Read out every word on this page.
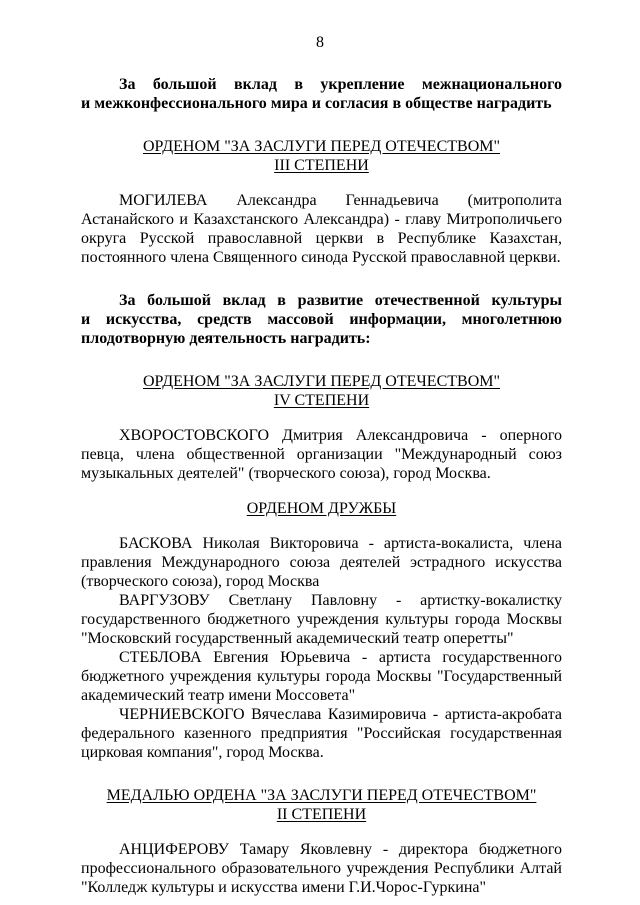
8

За большой вклад в укрепление межнационального

и межконфессионального мира и согласия в обществе наградить

ОРДЕНОМ "ЗА ЗАСЛУГИ ПЕРЕД ОТЕЧЕСТВОМ"

III СТЕПЕНИ

МОГИЛЕВА Александра Геннадьевича (митрополита

Астанайского и Казахстанского Александра) - главу Митрополичьего

округа Русской православной церкви в Республике Казахстан,

постоянного члена Священного синода Русской православной церкви.

За большой вклад в развитие отечественной культуры

и искусства, средств массовой информации, многолетнюю

плодотворную деятельность наградить:

ОРДЕНОМ "ЗА ЗАСЛУГИ ПЕРЕД ОТЕЧЕСТВОМ"

IV СТЕПЕНИ

ХВОРОСТОВСКОГО Дмитрия Александровича - оперного

певца, члена общественной организации "Международный союз

музыкальных деятелей" (творческого союза), город Москва.

ОРДЕНОМ ДРУЖБЫ

БАСКОВА Николая Викторовича - артиста-вокалиста, члена

правления Международного союза деятелей эстрадного искусства

(творческого союза), город Москва

ВАРГУЗОВУ Светлану Павловну - артистку-вокалистку

государственного бюджетного учреждения культуры города Москвы

"Московский государственный академический театр оперетты"

СТЕБЛОВА Евгения Юрьевича - артиста государственного

бюджетного учреждения культуры города Москвы "Государственный

академический театр имени Моссовета"

ЧЕРНИЕВСКОГО Вячеслава Казимировича - артиста-акробата

федерального казенного предприятия "Российская государственная

цирковая компания", город Москва.

МЕДАЛЬЮ ОРДЕНА "ЗА ЗАСЛУГИ ПЕРЕД ОТЕЧЕСТВОМ"

II СТЕПЕНИ

АНЦИФЕРОВУ Тамару Яковлевну - директора бюджетного

профессионального образовательного учреждения Республики Алтай

"Колледж культуры и искусства имени Г.И.Чорос-Гуркина"
